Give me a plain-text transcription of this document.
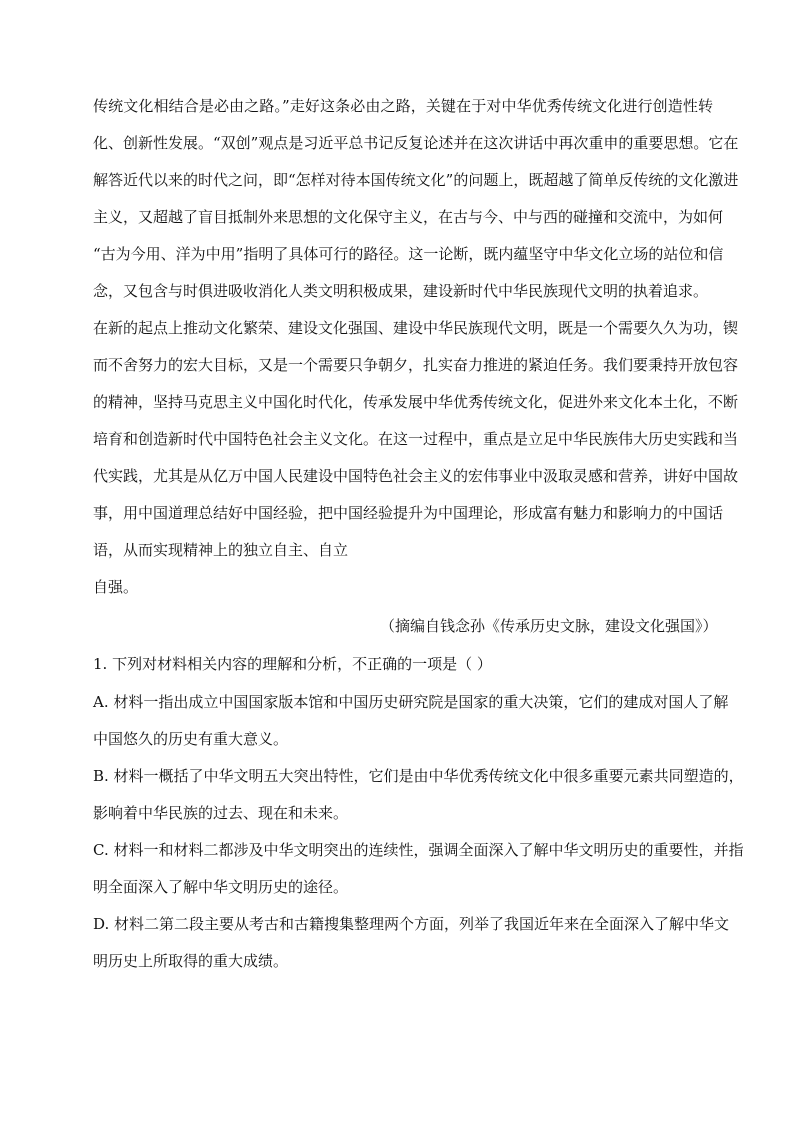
传统文化相结合是必由之路。”走好这条必由之路，关键在于对中华优秀传统文化进行创造性转
化、创新性发展。“双创”观点是习近平总书记反复论述并在这次讲话中再次重申的重要思想。它在
解答近代以来的时代之问，即“怎样对待本国传统文化”的问题上，既超越了简单反传统的文化激进
主义，又超越了盲目抵制外来思想的文化保守主义，在古与今、中与西的碰撞和交流中，为如何
“古为今用、洋为中用”指明了具体可行的路径。这一论断，既内蕴坚守中华文化立场的站位和信
念，又包含与时俱进吸收消化人类文明积极成果，建设新时代中华民族现代文明的执着追求。
在新的起点上推动文化繁荣、建设文化强国、建设中华民族现代文明，既是一个需要久久为功，锲
而不舍努力的宏大目标，又是一个需要只争朝夕，扎实奋力推进的紧迫任务。我们要秉持开放包容
的精神，坚持马克思主义中国化时代化，传承发展中华优秀传统文化，促进外来文化本土化，不断
培育和创造新时代中国特色社会主义文化。在这一过程中，重点是立足中华民族伟大历史实践和当
代实践，尤其是从亿万中国人民建设中国特色社会主义的宏伟事业中汲取灵感和营养，讲好中国故
事，用中国道理总结好中国经验，把中国经验提升为中国理论，形成富有魅力和影响力的中国话
语，从而实现精神上的独立自主、自立
自强。
（摘编自钱念孙《传承历史文脉，建设文化强国》）
1. 下列对材料相关内容的理解和分析，不正确的一项是（ ）
A. 材料一指出成立中国国家版本馆和中国历史研究院是国家的重大决策，它们的建成对国人了解
中国悠久的历史有重大意义。
B. 材料一概括了中华文明五大突出特性，它们是由中华优秀传统文化中很多重要元素共同塑造的，
影响着中华民族的过去、现在和未来。
C. 材料一和材料二都涉及中华文明突出的连续性，强调全面深入了解中华文明历史的重要性，并指
明全面深入了解中华文明历史的途径。
D. 材料二第二段主要从考古和古籍搜集整理两个方面，列举了我国近年来在全面深入了解中华文
明历史上所取得的重大成绩。
